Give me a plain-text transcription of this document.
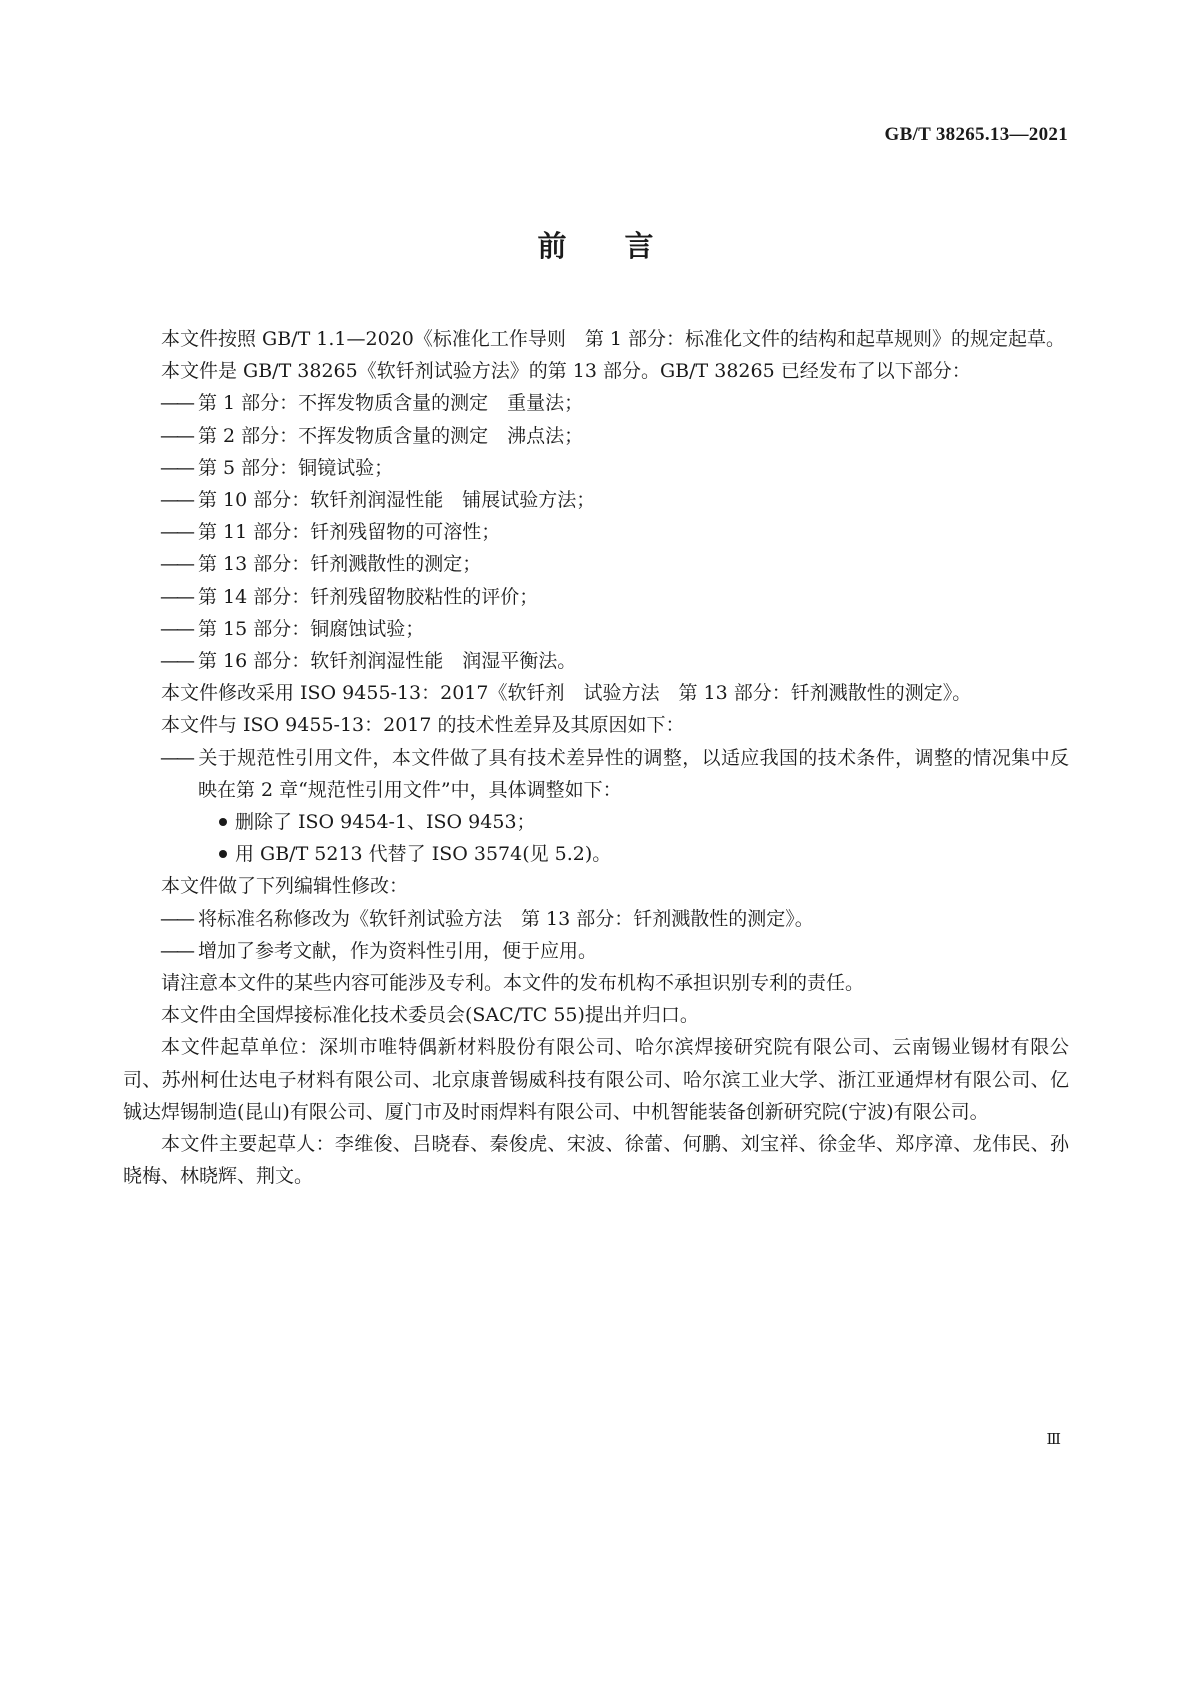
GB/T 38265.13—2021
前 言

本文件按照 GB/T 1.1—2020《标准化工作导则　第 1 部分：标准化文件的结构和起草规则》的规定起草。

本文件是 GB/T 38265《软钎剂试验方法》的第 13 部分。GB/T 38265 已经发布了以下部分：

—— 第 1 部分：不挥发物质含量的测定　重量法；

—— 第 2 部分：不挥发物质含量的测定　沸点法；

—— 第 5 部分：铜镜试验；

—— 第 10 部分：软钎剂润湿性能　铺展试验方法；

—— 第 11 部分：钎剂残留物的可溶性；

—— 第 13 部分：钎剂溅散性的测定；

—— 第 14 部分：钎剂残留物胶粘性的评价；

—— 第 15 部分：铜腐蚀试验；

—— 第 16 部分：软钎剂润湿性能　润湿平衡法。

本文件修改采用 ISO 9455-13：2017《软钎剂　试验方法　第 13 部分：钎剂溅散性的测定》。

本文件与 ISO 9455-13：2017 的技术性差异及其原因如下：

—— 关于规范性引用文件，本文件做了具有技术差异性的调整，以适应我国的技术条件，调整的情况集中反映在第 2 章“规范性引用文件”中，具体调整如下：

删除了 ISO 9454-1、ISO 9453；

用 GB/T 5213 代替了 ISO 3574(见 5.2)。

本文件做了下列编辑性修改：

—— 将标准名称修改为《软钎剂试验方法　第 13 部分：钎剂溅散性的测定》。

—— 增加了参考文献，作为资料性引用，便于应用。

请注意本文件的某些内容可能涉及专利。本文件的发布机构不承担识别专利的责任。

本文件由全国焊接标准化技术委员会(SAC/TC 55)提出并归口。

本文件起草单位：深圳市唯特偶新材料股份有限公司、哈尔滨焊接研究院有限公司、云南锡业锡材有限公司、苏州柯仕达电子材料有限公司、北京康普锡威科技有限公司、哈尔滨工业大学、浙江亚通焊材有限公司、亿铖达焊锡制造(昆山)有限公司、厦门市及时雨焊料有限公司、中机智能装备创新研究院(宁波)有限公司。

本文件主要起草人：李维俊、吕晓春、秦俊虎、宋波、徐蕾、何鹏、刘宝祥、徐金华、郑序漳、龙伟民、孙晓梅、林晓辉、荆文。

Ⅲ
